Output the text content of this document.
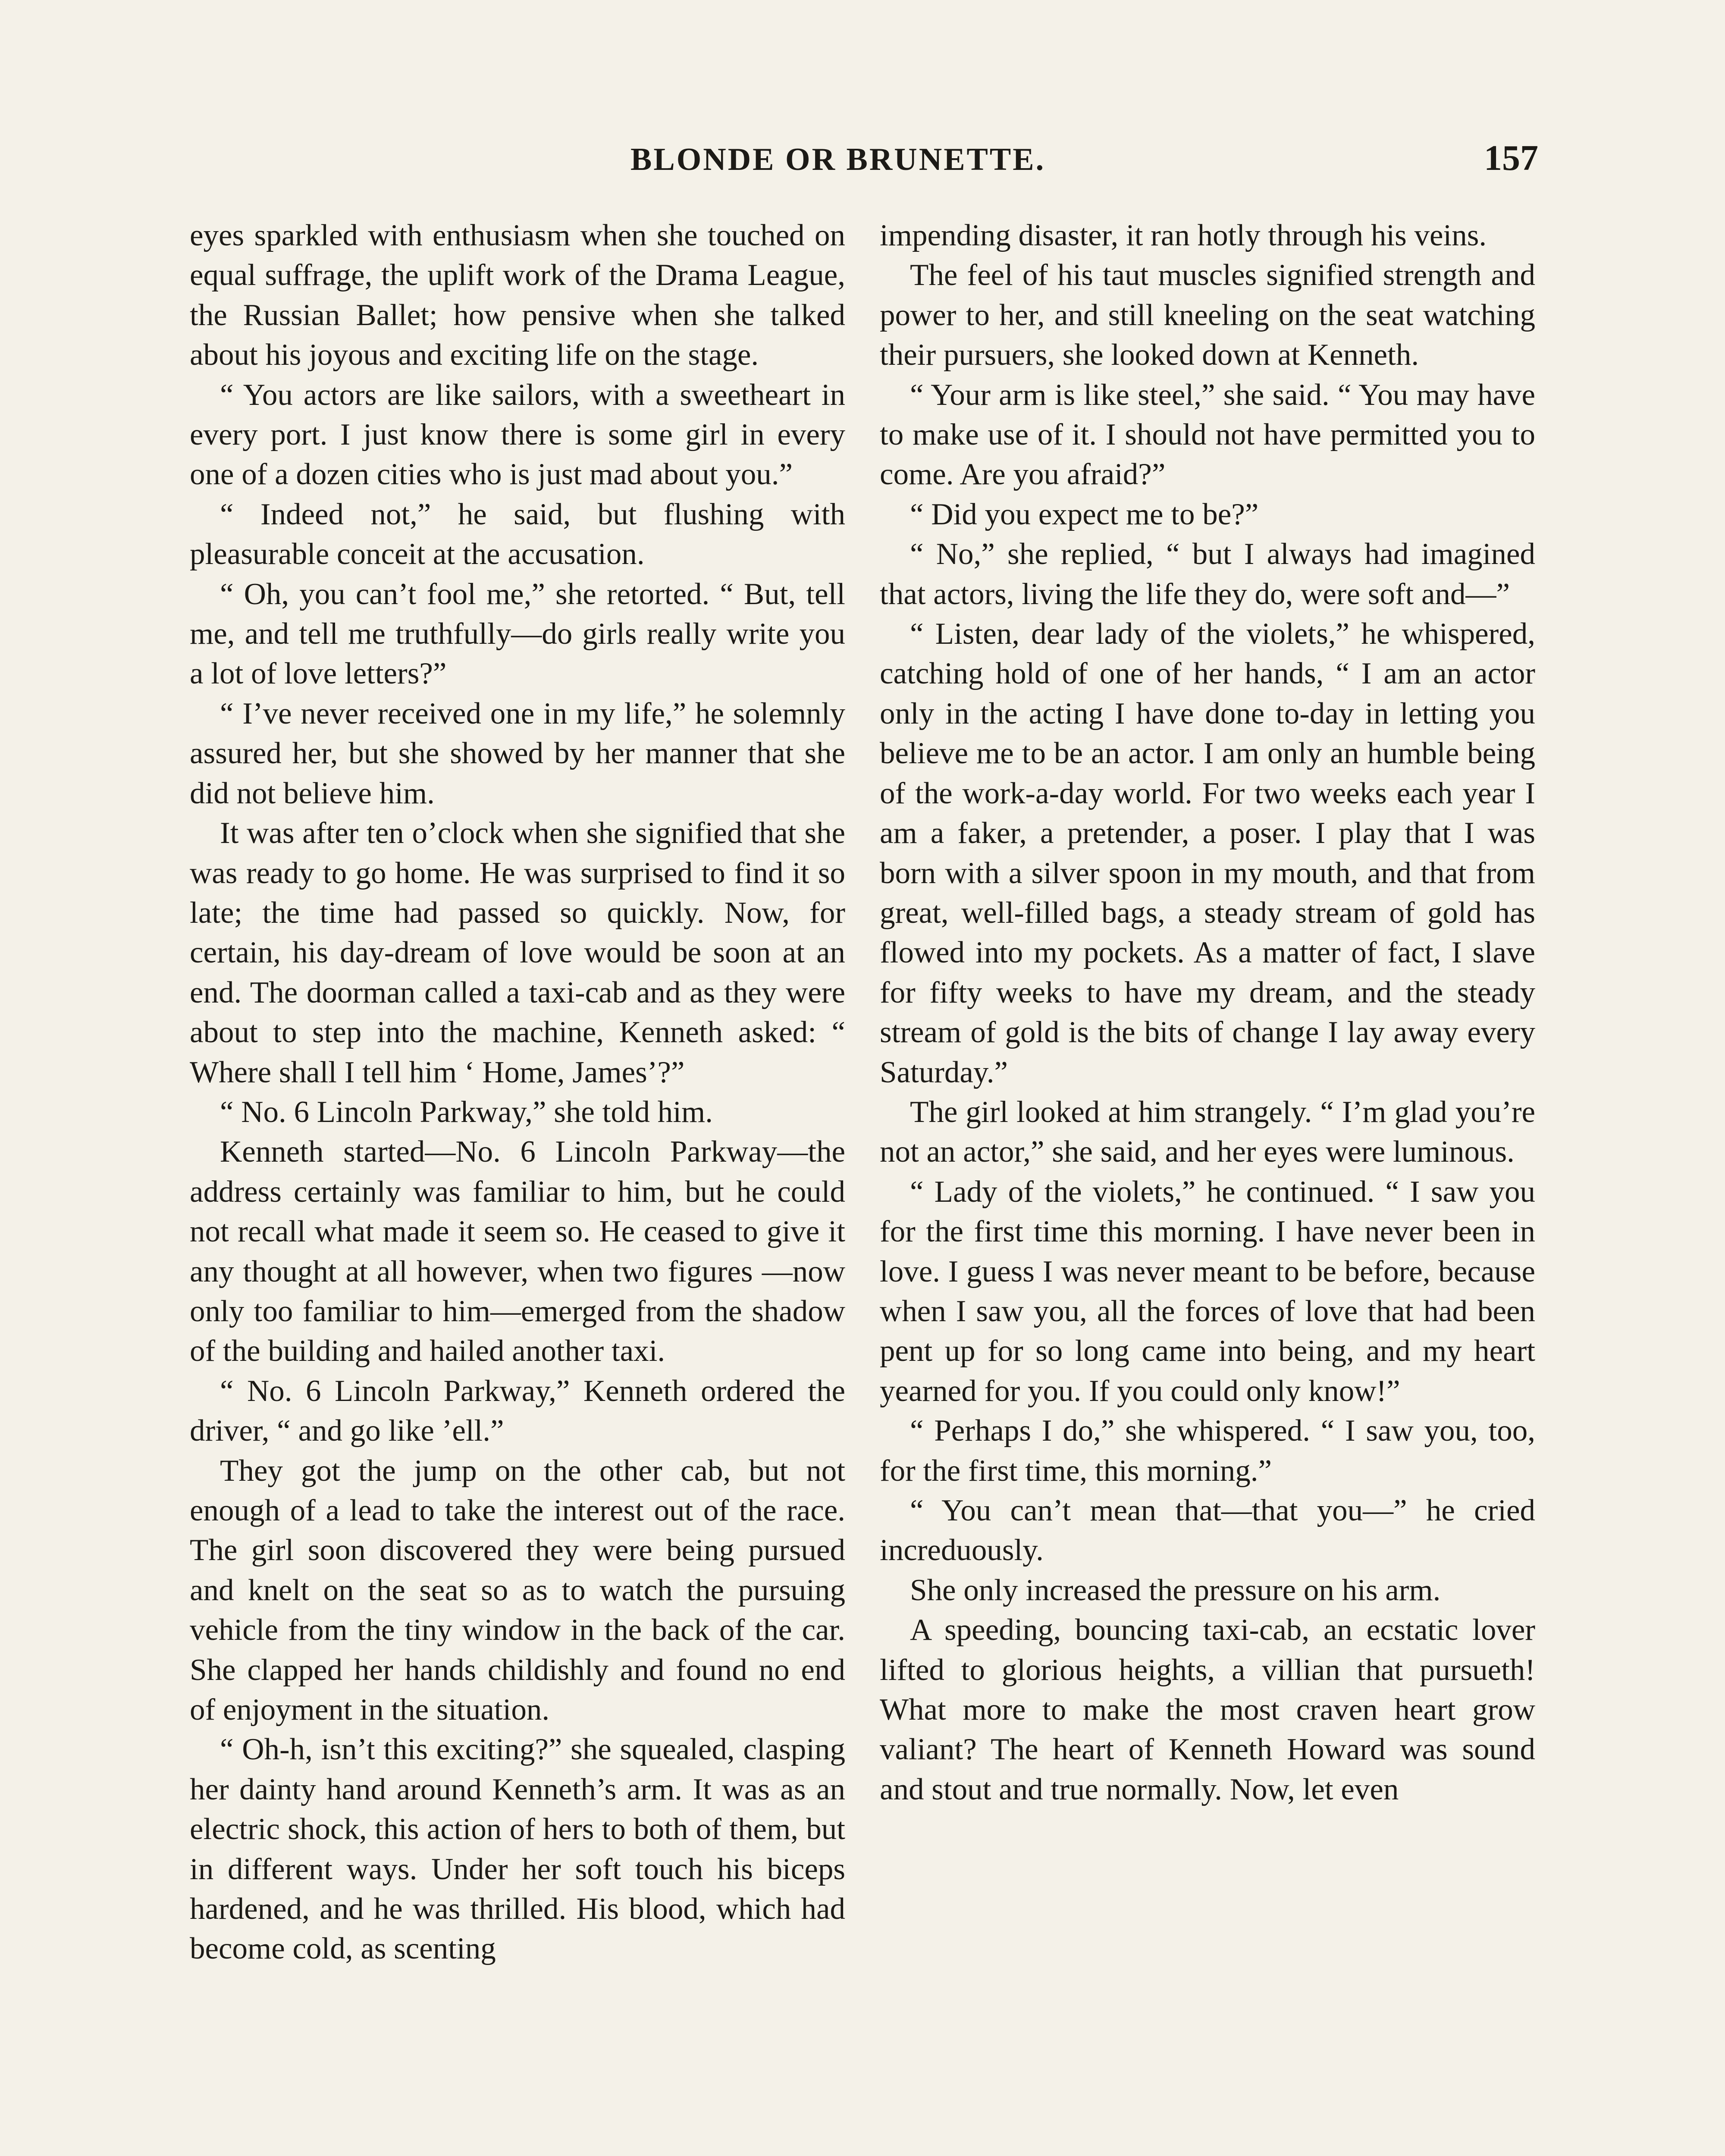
BLONDE OR BRUNETTE.	157

eyes sparkled with enthusiasm when she touched on equal suffrage, the uplift work of the Drama League, the Russian Ballet; how pensive when she talked about his joyous and exciting life on the stage.

“ You actors are like sailors, with a sweetheart in every port. I just know there is some girl in every one of a dozen cities who is just mad about you.”

“ Indeed not,” he said, but flushing with pleasurable conceit at the accusation.

“ Oh, you can’t fool me,” she retorted. “ But, tell me, and tell me truthfully—do girls really write you a lot of love letters?”

“ I’ve never received one in my life,” he solemnly assured her, but she showed by her manner that she did not believe him.

It was after ten o’clock when she signified that she was ready to go home. He was surprised to find it so late; the time had passed so quickly. Now, for certain, his day-dream of love would be soon at an end. The doorman called a taxi-cab and as they were about to step into the machine, Kenneth asked: “ Where shall I tell him ‘ Home, James’?”

“ No. 6 Lincoln Parkway,” she told him.

Kenneth started—No. 6 Lincoln Parkway—the address certainly was familiar to him, but he could not recall what made it seem so. He ceased to give it any thought at all however, when two figures —now only too familiar to him—emerged from the shadow of the building and hailed another taxi.

“ No. 6 Lincoln Parkway,” Kenneth ordered the driver, “ and go like ’ell.”

They got the jump on the other cab, but not enough of a lead to take the interest out of the race. The girl soon discovered they were being pursued and knelt on the seat so as to watch the pursuing vehicle from the tiny window in the back of the car. She clapped her hands childishly and found no end of enjoyment in the situation.

“ Oh-h, isn’t this exciting?” she squealed, clasping her dainty hand around Kenneth’s arm. It was as an electric shock, this action of hers to both of them, but in different ways. Under her soft touch his biceps hardened, and he was thrilled. His blood, which had become cold, as scenting

impending disaster, it ran hotly through his veins.

The feel of his taut muscles signified strength and power to her, and still kneeling on the seat watching their pursuers, she looked down at Kenneth.

“ Your arm is like steel,” she said. “ You may have to make use of it. I should not have permitted you to come. Are you afraid?”

“ Did you expect me to be?”

“ No,” she replied, “ but I always had imagined that actors, living the life they do, were soft and—”

“ Listen, dear lady of the violets,” he whispered, catching hold of one of her hands, “ I am an actor only in the acting I have done to-day in letting you believe me to be an actor. I am only an humble being of the work-a-day world. For two weeks each year I am a faker, a pretender, a poser. I play that I was born with a silver spoon in my mouth, and that from great, well-filled bags, a steady stream of gold has flowed into my pockets. As a matter of fact, I slave for fifty weeks to have my dream, and the steady stream of gold is the bits of change I lay away every Saturday.”

The girl looked at him strangely. “ I’m glad you’re not an actor,” she said, and her eyes were luminous.

“ Lady of the violets,” he continued. “ I saw you for the first time this morning. I have never been in love. I guess I was never meant to be before, because when I saw you, all the forces of love that had been pent up for so long came into being, and my heart yearned for you. If you could only know!”

“ Perhaps I do,” she whispered. “ I saw you, too, for the first time, this morning.”

“ You can’t mean that—that you—” he cried increduously.

She only increased the pressure on his arm.

A speeding, bouncing taxi-cab, an ecstatic lover lifted to glorious heights, a villian that pursueth! What more to make the most craven heart grow valiant? The heart of Kenneth Howard was sound and stout and true normally. Now, let even
